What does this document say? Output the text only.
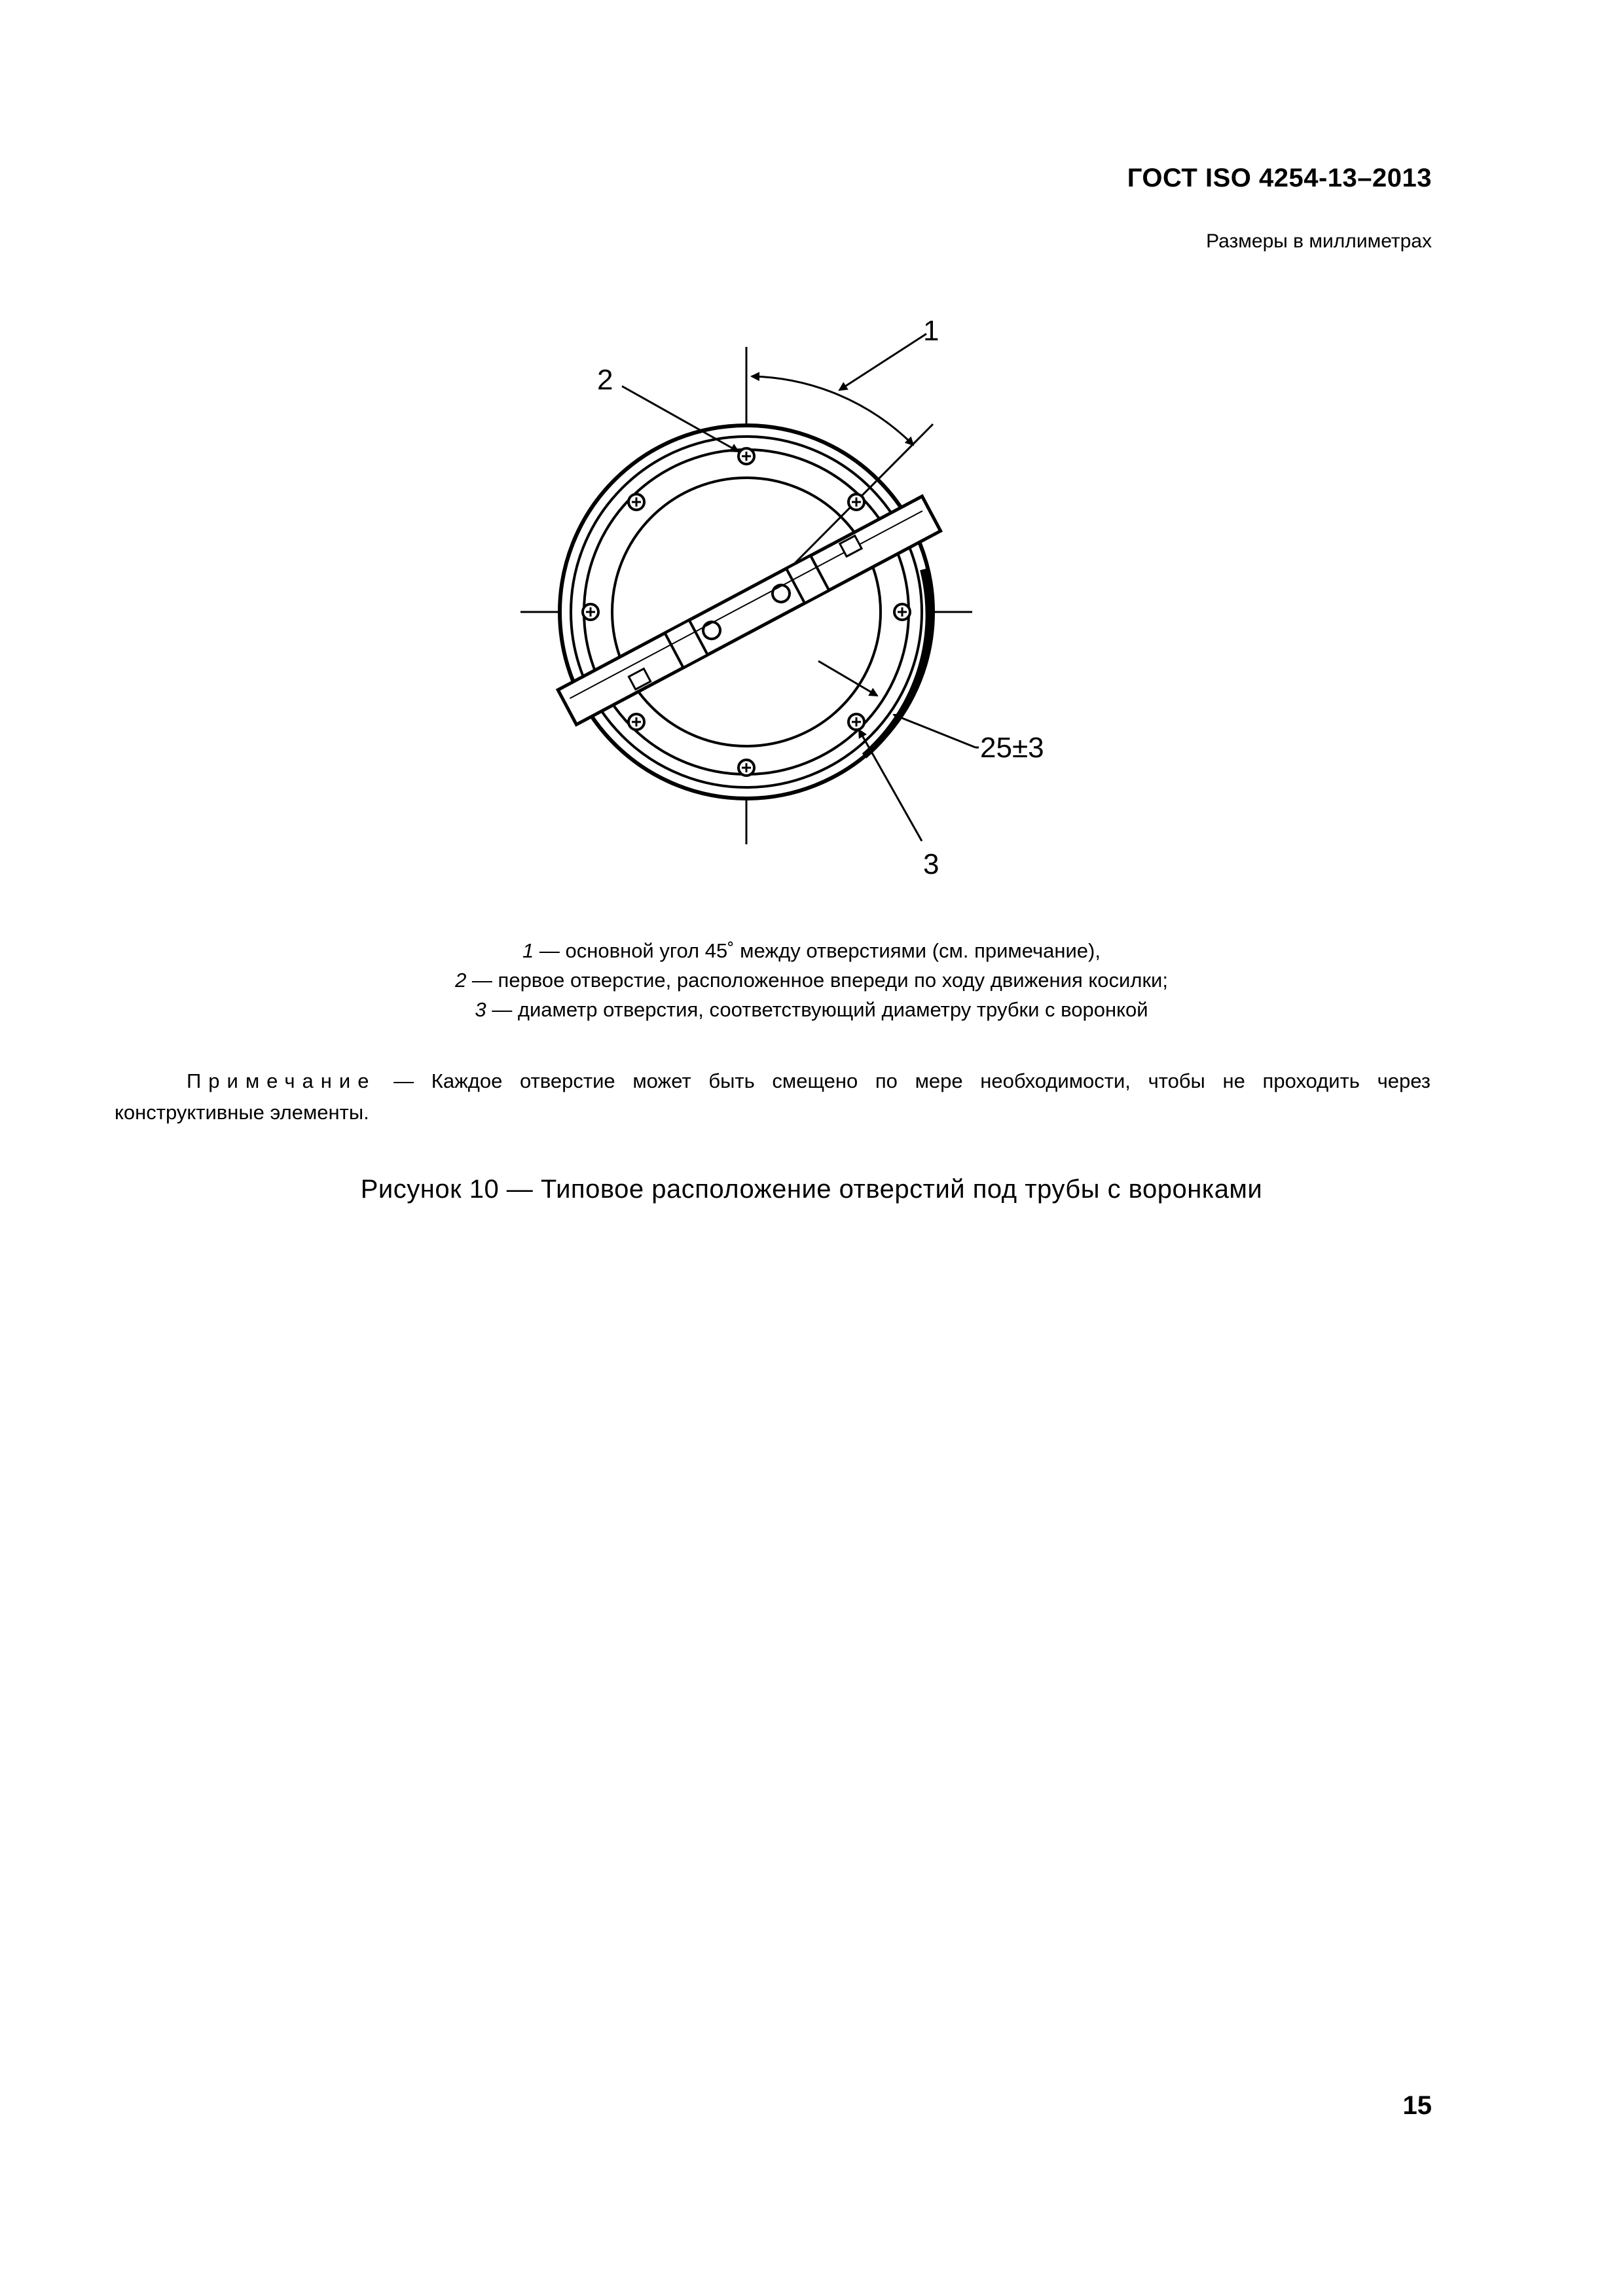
ГОСТ ISO 4254-13–2013
Размеры в миллиметрах
1
2
3
25±3
1 — основной угол 45˚ между отверстиями (см. примечание),
2 — первое отверстие, расположенное впереди по ходу движения косилки;
3 — диаметр отверстия, соответствующий диаметру трубки с воронкой
Примечание — Каждое отверстие может быть смещено по мере необходимости, чтобы не проходить через конструктивные элементы.
Рисунок 10 — Типовое расположение отверстий под трубы с воронками
15
